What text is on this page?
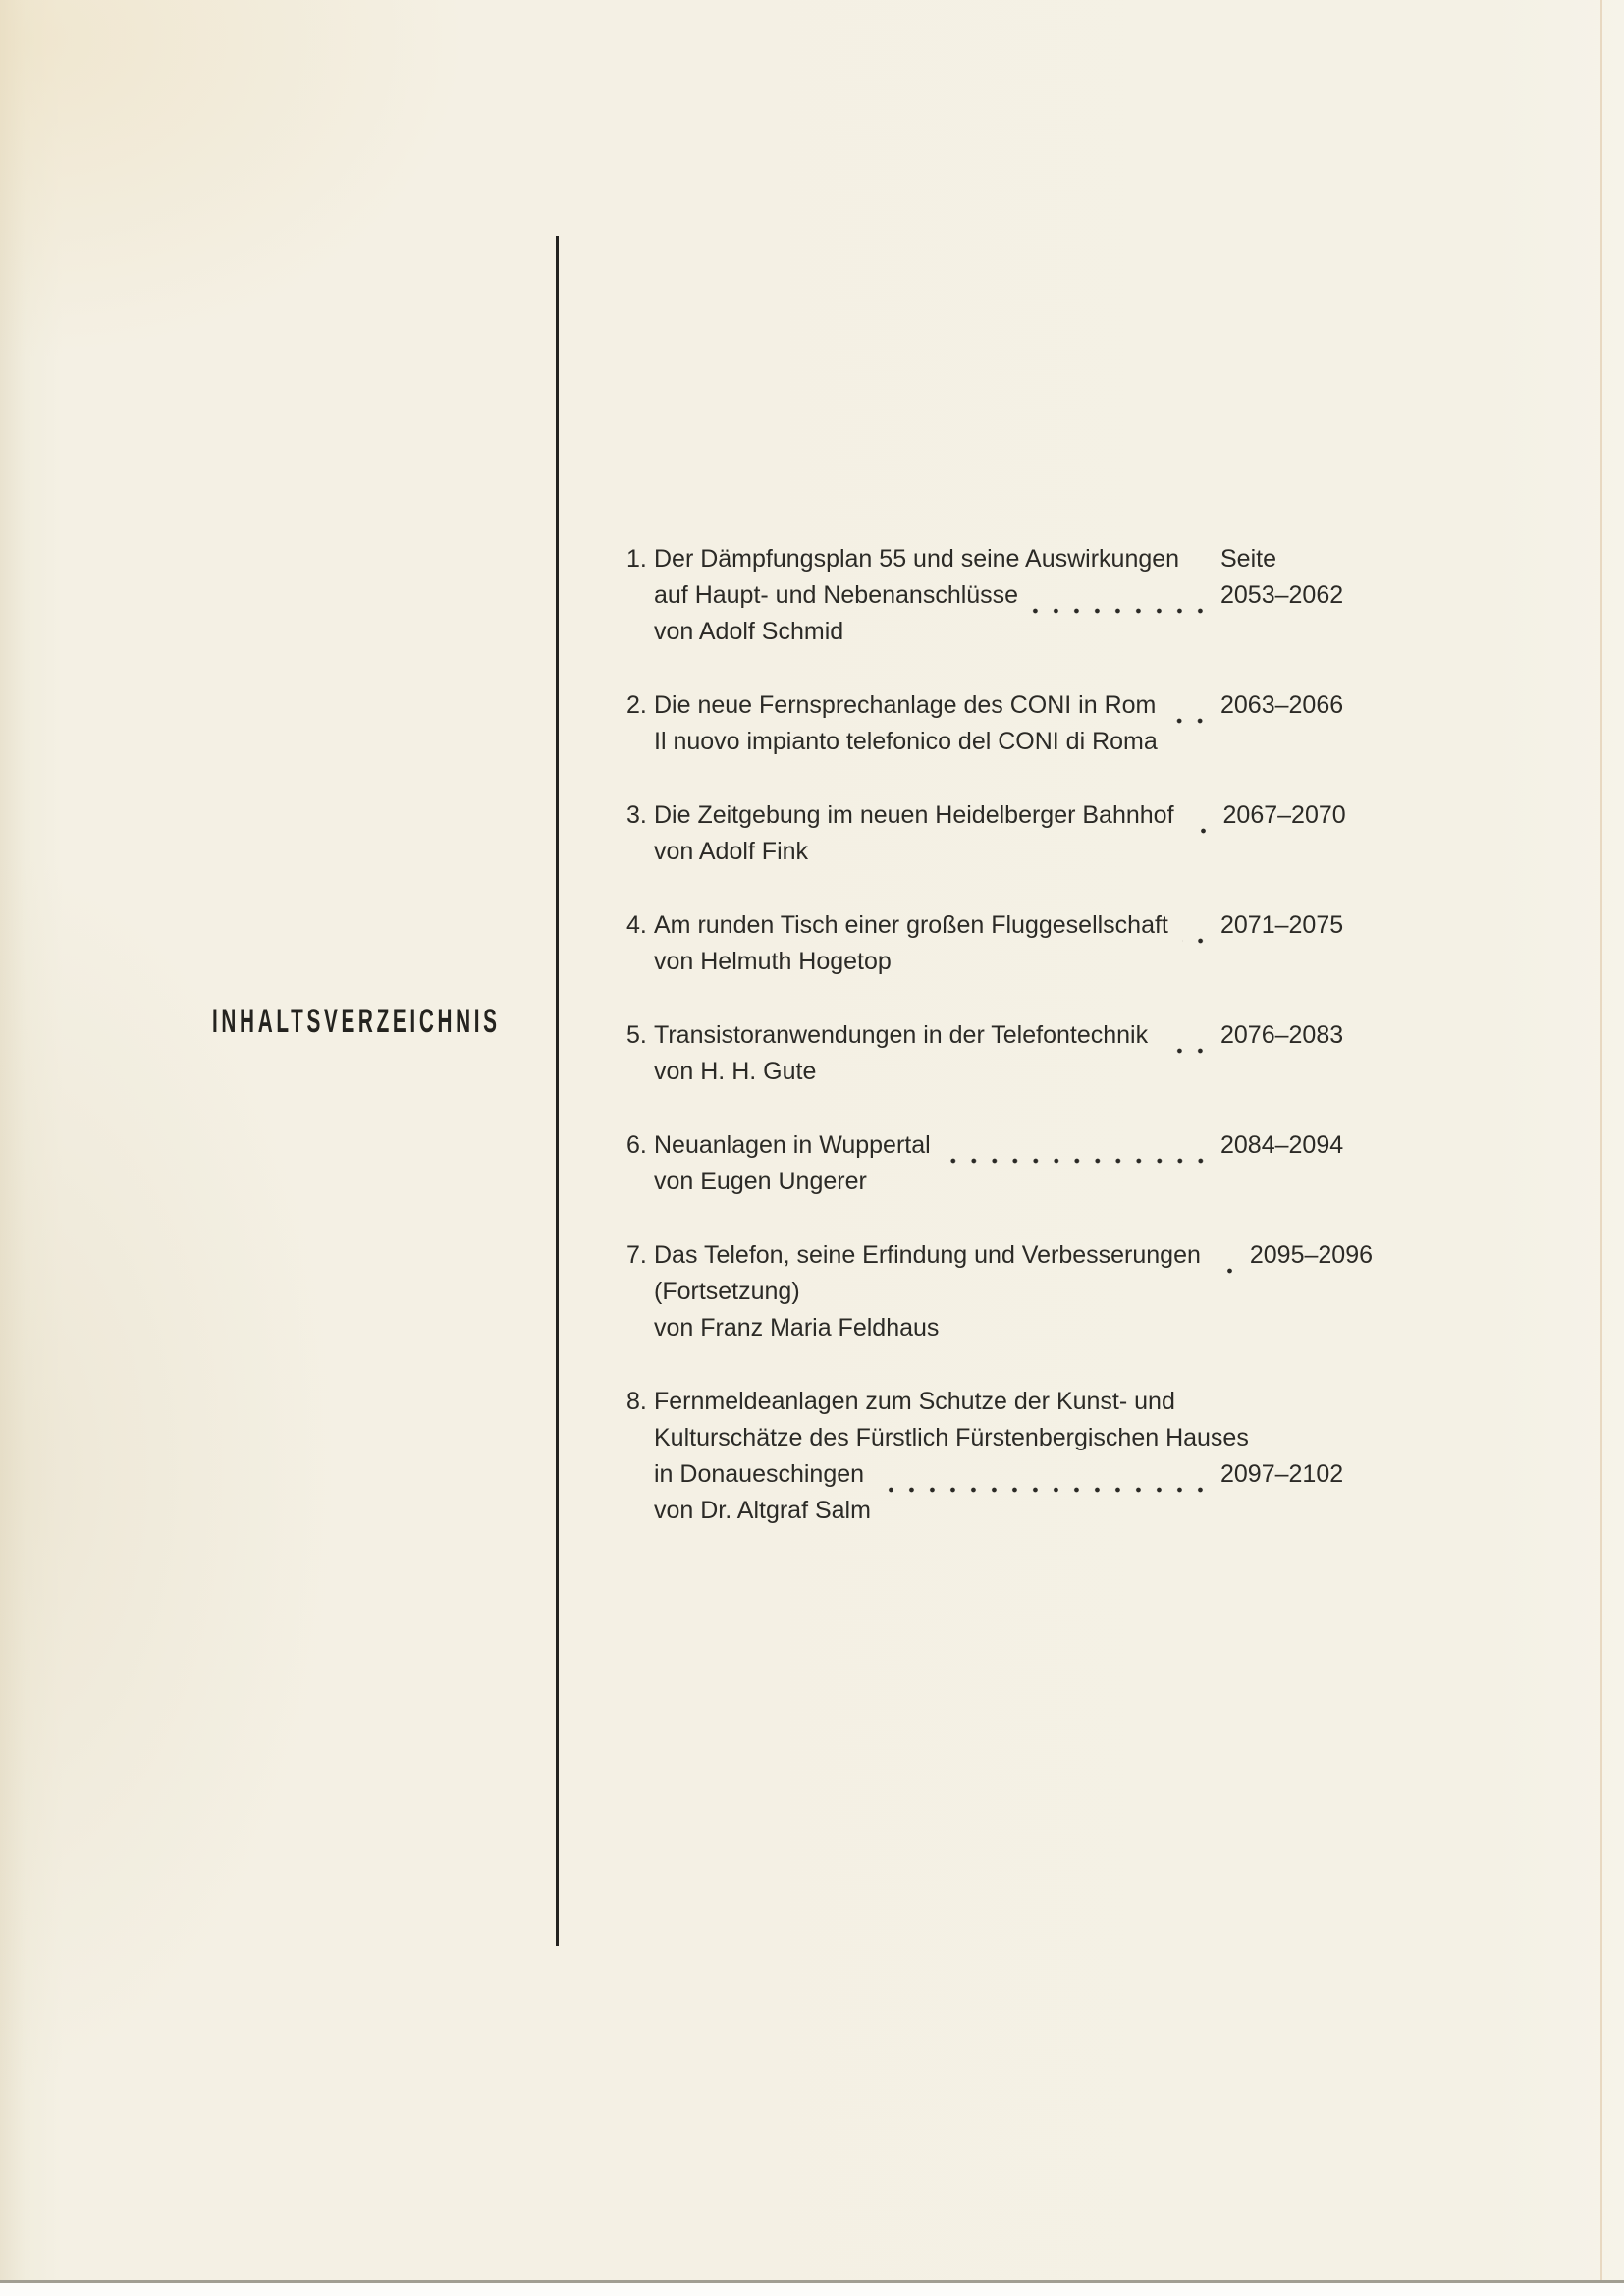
INHALTSVERZEICHNIS
1. Der Dämpfungsplan 55 und seine Auswirkungen Seite
auf Haupt- und Nebenanschlüsse	2053–2062
von Adolf Schmid
2. Die neue Fernsprechanlage des CONI in Rom	2063–2066
Il nuovo impianto telefonico del CONI di Roma
3. Die Zeitgebung im neuen Heidelberger Bahnhof 2067–2070
von Adolf Fink
4. Am runden Tisch einer großen Fluggesellschaft 2071–2075
von Helmuth Hogetop
5. Transistoranwendungen in der Telefontechnik	2076–2083
von H. H. Gute
6. Neuanlagen in Wuppertal	2084–2094
von Eugen Ungerer
7. Das Telefon, seine Erfindung und Verbesserungen 2095–2096
(Fortsetzung)
von Franz Maria Feldhaus
8. Fernmeldeanlagen zum Schutze der Kunst- und
Kulturschätze des Fürstlich Fürstenbergischen Hauses
in Donaueschingen	2097–2102
von Dr. Altgraf Salm
